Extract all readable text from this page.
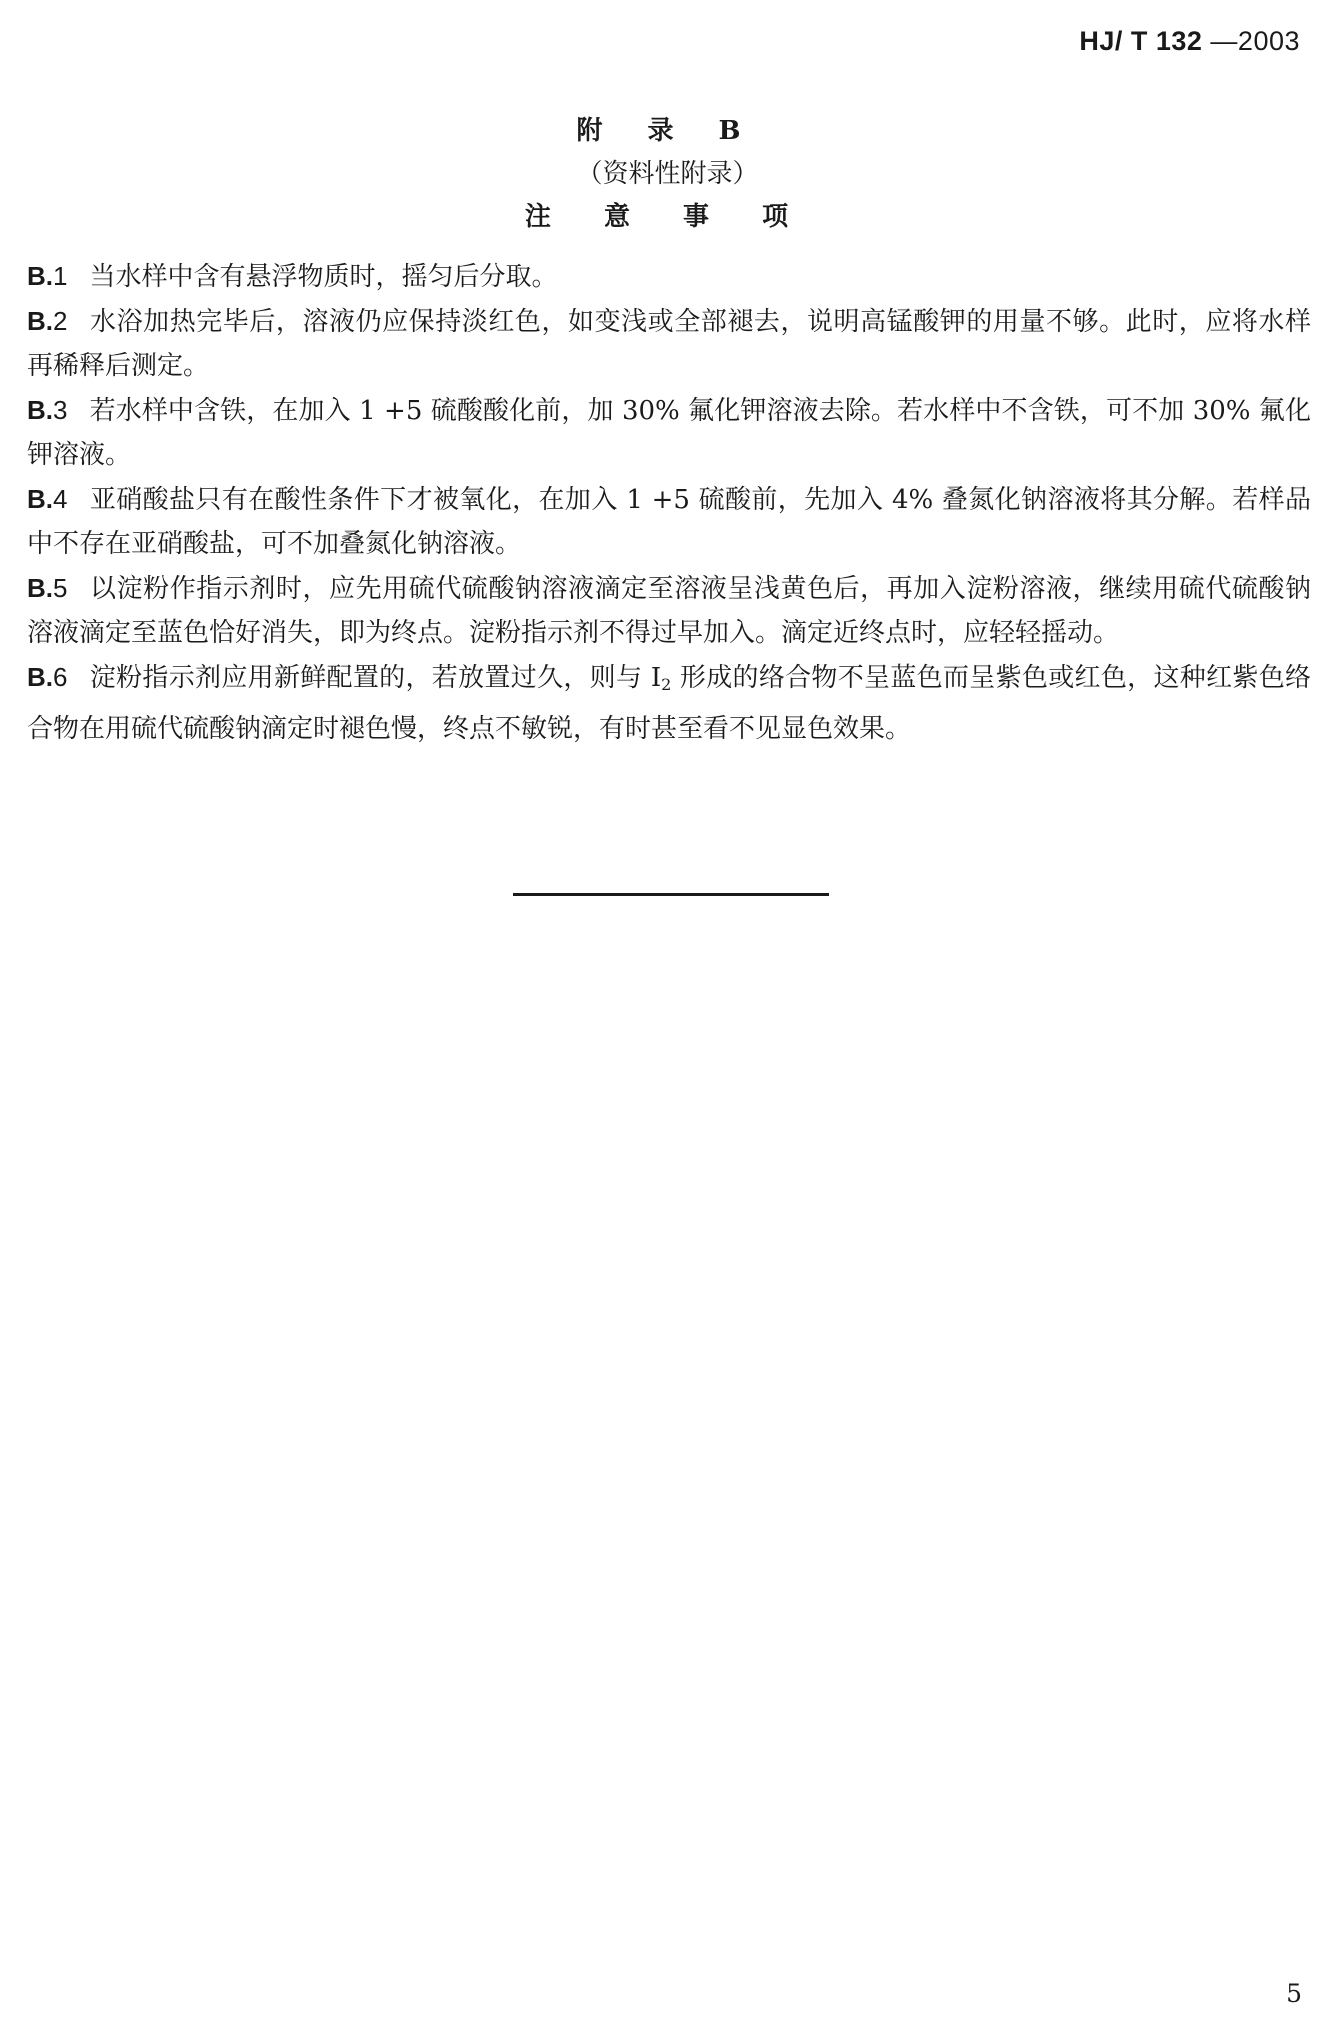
HJ/ T 132 —2003
附 录 B
（资料性附录）
注 意 事 项

B.1 当水样中含有悬浮物质时，摇匀后分取。

B.2 水浴加热完毕后，溶液仍应保持淡红色，如变浅或全部褪去，说明高锰酸钾的用量不够。此时，应将水样再稀释后测定。

B.3 若水样中含铁，在加入 1 +5 硫酸酸化前，加 30% 氟化钾溶液去除。若水样中不含铁，可不加 30% 氟化钾溶液。

B.4 亚硝酸盐只有在酸性条件下才被氧化，在加入 1 +5 硫酸前，先加入 4% 叠氮化钠溶液将其分解。若样品中不存在亚硝酸盐，可不加叠氮化钠溶液。

B.5 以淀粉作指示剂时，应先用硫代硫酸钠溶液滴定至溶液呈浅黄色后，再加入淀粉溶液，继续用硫代硫酸钠溶液滴定至蓝色恰好消失，即为终点。淀粉指示剂不得过早加入。滴定近终点时，应轻轻摇动。

B.6 淀粉指示剂应用新鲜配置的，若放置过久，则与 $I_2$ 形成的络合物不呈蓝色而呈紫色或红色，这种红紫色络合物在用硫代硫酸钠滴定时褪色慢，终点不敏锐，有时甚至看不见显色效果。

5
